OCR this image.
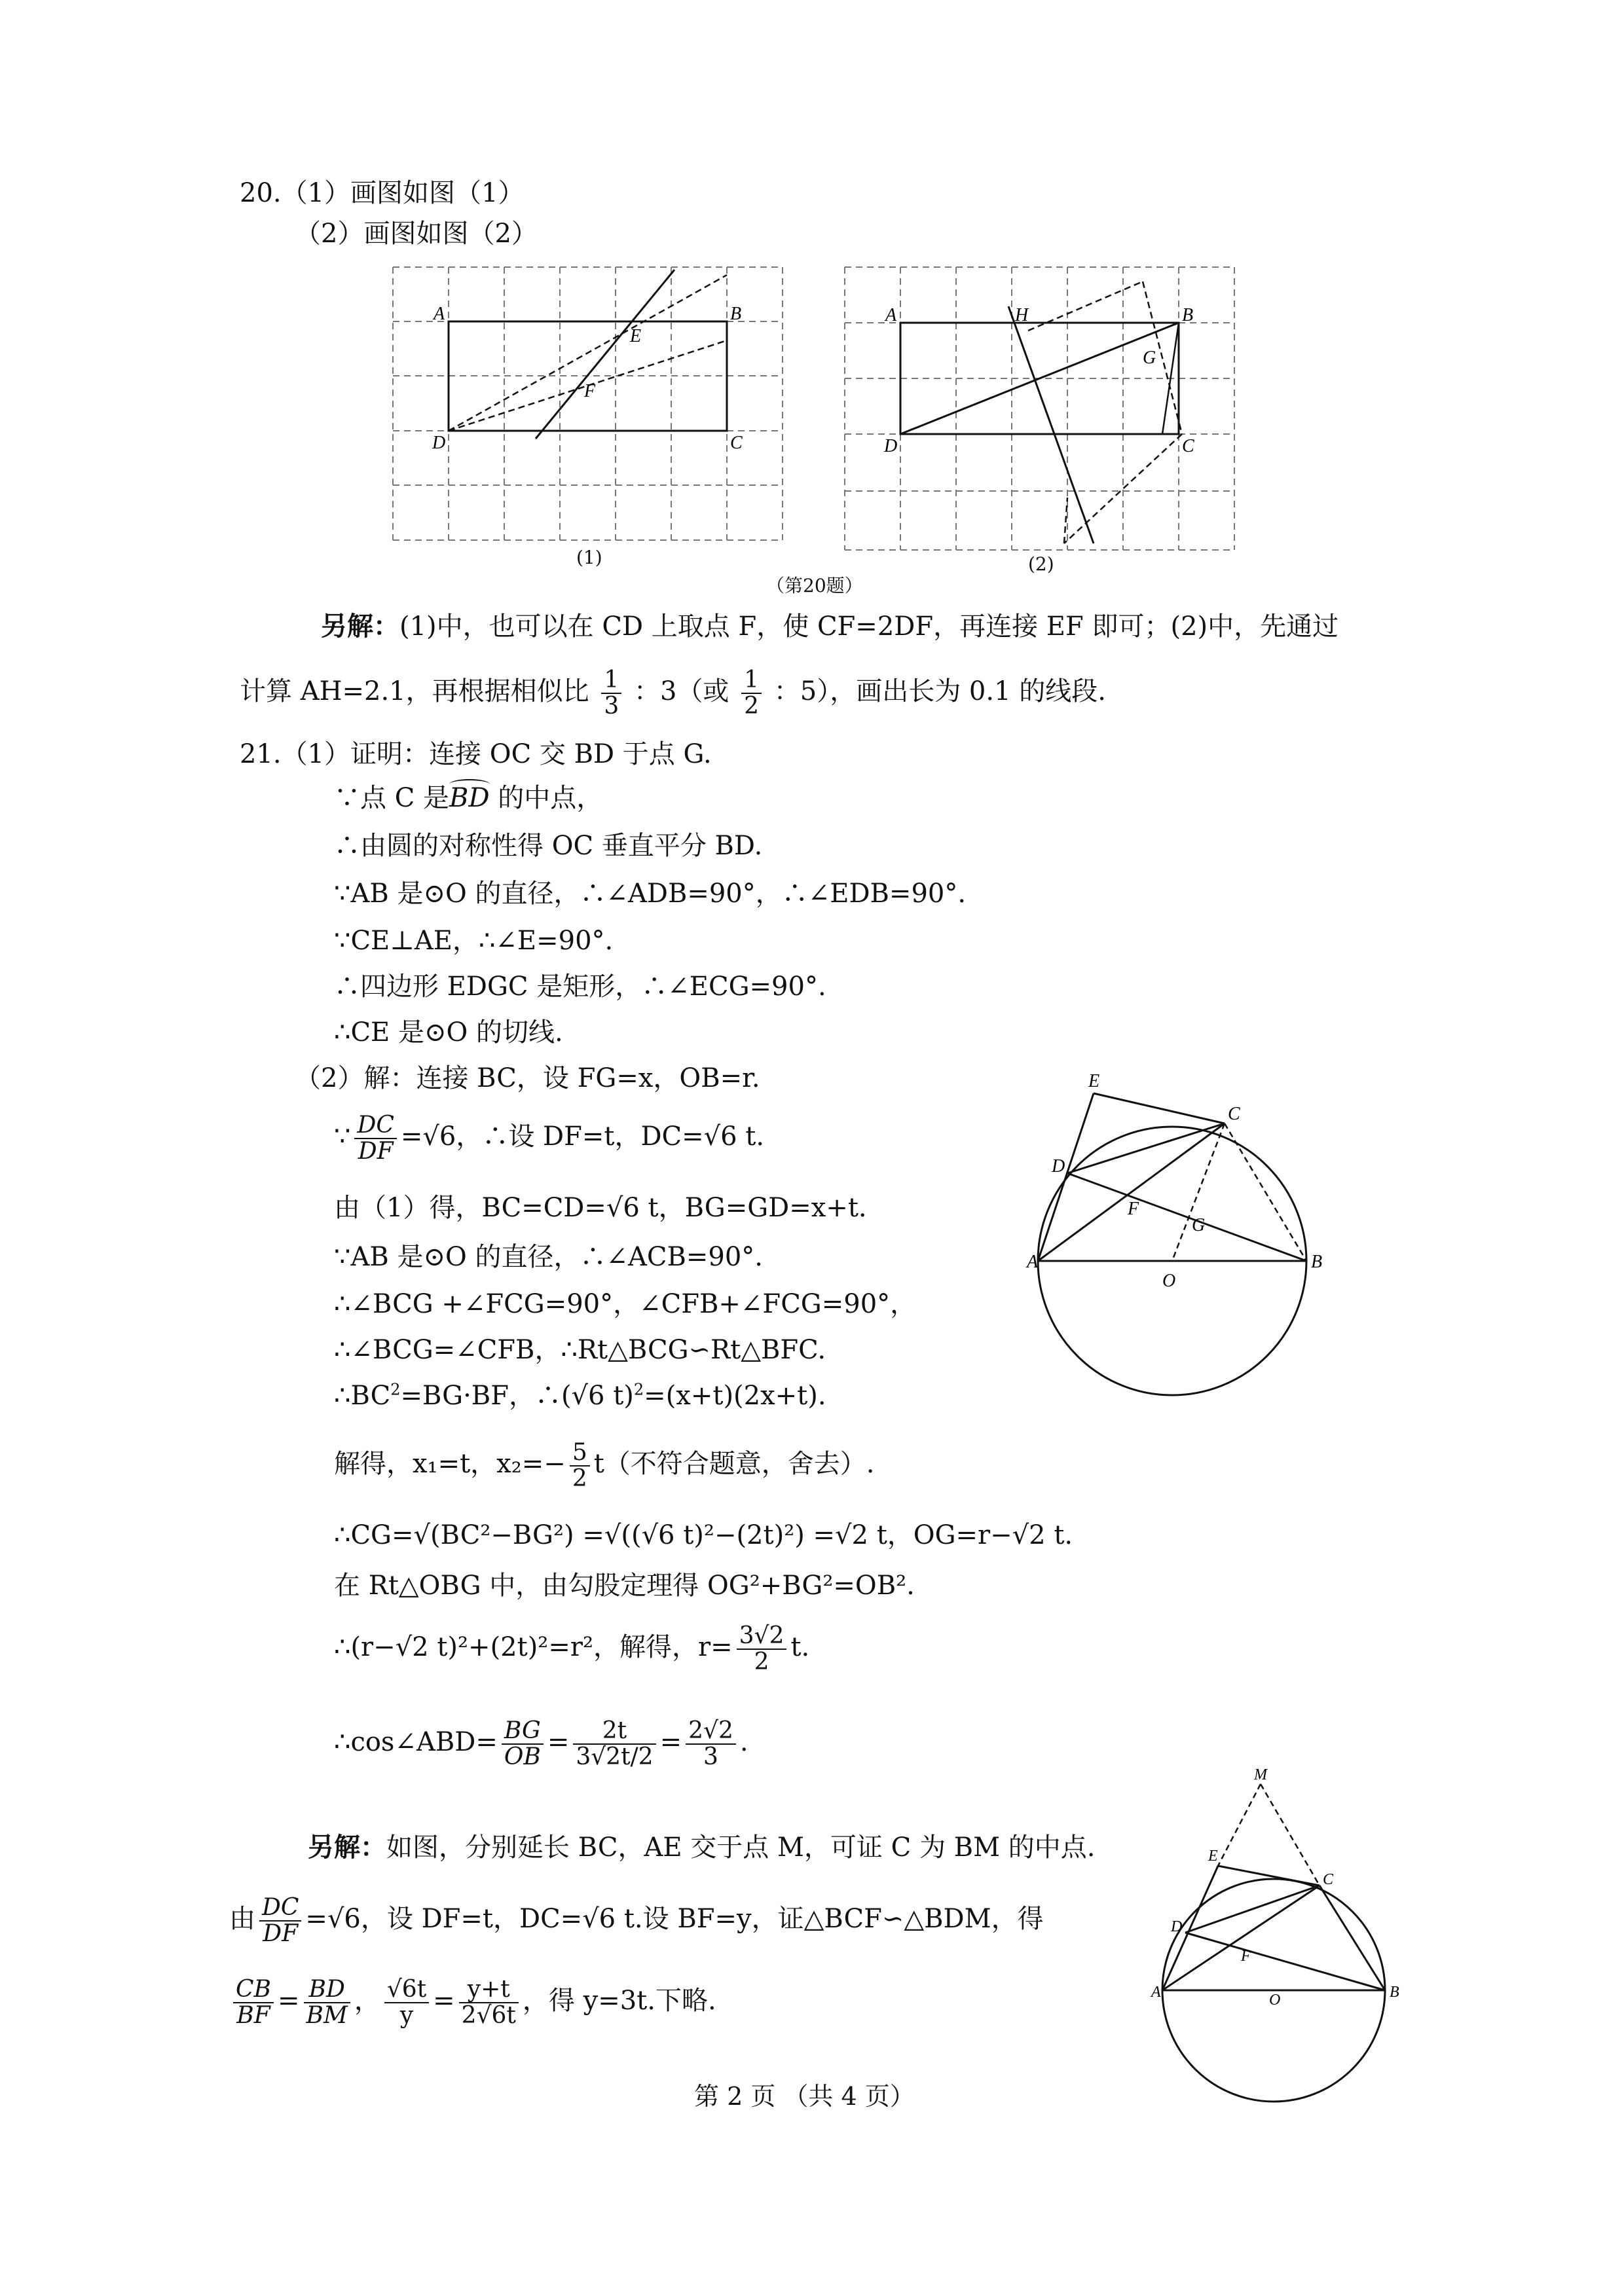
20.（1）画图如图（1）
（2）画图如图（2）
A	B
C
D
E
F
A	H	B
G
D	C
(1)	(2)
（第20题）
另解：(1)中，也可以在 CD 上取点 F，使 CF=2DF，再连接 EF 即可；(2)中，先通过
计算 AH=2.1，再根据相似比 $\frac{1}{3}$ ：3（或 $\frac{1}{2}$ ：5），画出长为 0.1 的线段.
21.（1）证明：连接 OC 交 BD 于点 G.
∵点 C 是
BD 的中点，
∴由圆的对称性得 OC 垂直平分 BD.
∵AB 是⊙O 的直径，∴∠ADB=90°，∴∠EDB=90°.
∵CE⊥AE，∴∠E=90°.
∴四边形 EDGC 是矩形，∴∠ECG=90°.
∴CE 是⊙O 的切线.
（2）解：连接 BC，设 FG=x，OB=r.
∵ $\frac{DC}{DF} =√6$，∴设 DF=t，DC=√6 t.
由（1）得，BC=CD=√6 t，BG=GD=x+t.
∵AB 是⊙O 的直径，∴∠ACB=90°.
∴∠BCG +∠FCG=90°，∠CFB+∠FCG=90°，
∴∠BCG=∠CFB，∴Rt△BCG∽Rt△BFC.
$\therefore BC^2=BG\cdot BF$，∴(√6 t)$^2$=(x+t)(2x+t).
解得，x₁=t，$x_2=- \frac{5}{2} t$（不符合题意，舍去）.
∴CG=√(BC²−BG²) =√((√6 t)²−(2t)²) =√2 t，OG=r−√2 t.
在 Rt△OBG 中，由勾股定理得 OG²+BG²=OB².
∴(r−√2 t)²+(2t)²=r²，解得，$r= \frac{3√2}{2} t$.
∴cos∠ABD= $\frac{BG}{OB} = \frac{2t}{3√2t/2} = \frac{2√2}{3}$ .
E
C
D
F
G
A
O
B
另解：如图，分别延长 BC，AE 交于点 M，可证 C 为 BM 的中点.
由 $\frac{DC}{DF} =√6$，设 DF=t，DC=√6 t.设 BF=y，证△BCF∽△BDM，得
$\frac{CB}{BF} = \frac{BD}{BM}$ ， $\frac{√6t}{y} = \frac{y+t}{2√6t}$ ，得 y=3t.下略.
M
E
C
D
F
A	O	B
第 2 页 （共 4 页）
